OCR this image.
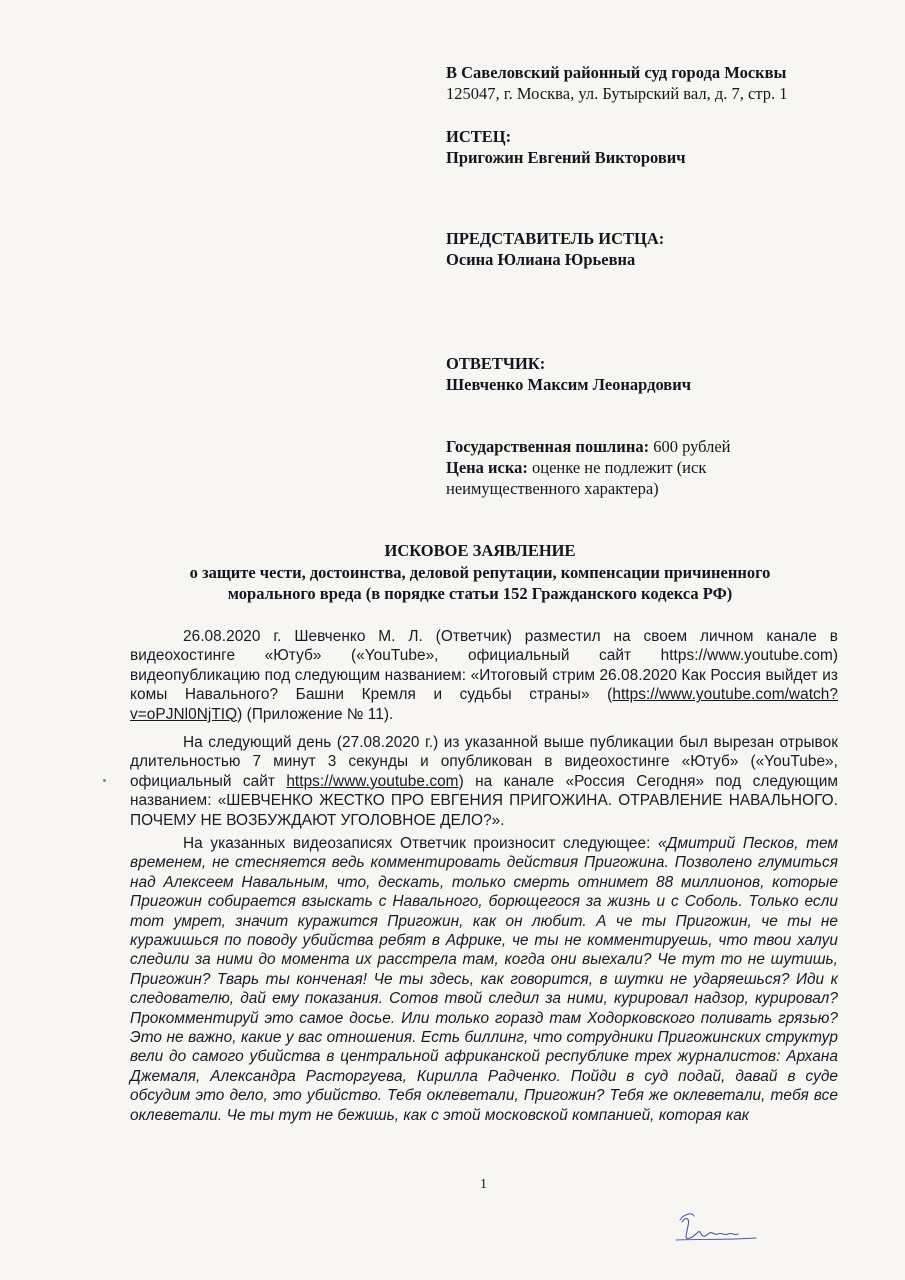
В Савеловский районный суд города Москвы
125047, г. Москва, ул. Бутырский вал, д. 7, стр. 1
ИСТЕЦ:
Пригожин Евгений Викторович
ПРЕДСТАВИТЕЛЬ ИСТЦА:
Осина Юлиана Юрьевна
ОТВЕТЧИК:
Шевченко Максим Леонардович
Государственная пошлина: 600 рублей
Цена иска: оценке не подлежит (иск неимущественного характера)
ИСКОВОЕ ЗАЯВЛЕНИЕ
о защите чести, достоинства, деловой репутации, компенсации причиненного морального вреда (в порядке статьи 152 Гражданского кодекса РФ)
26.08.2020 г. Шевченко М. Л. (Ответчик) разместил на своем личном канале в видеохостинге «Ютуб» («YouTube», официальный сайт https://www.youtube.com) видеопубликацию под следующим названием: «Итоговый стрим 26.08.2020 Как Россия выйдет из комы Навального? Башни Кремля и судьбы страны» (https://www.youtube.com/watch?v=oPJNl0NjTIQ) (Приложение № 11).
На следующий день (27.08.2020 г.) из указанной выше публикации был вырезан отрывок длительностью 7 минут 3 секунды и опубликован в видеохостинге «Ютуб» («YouTube», официальный сайт https://www.youtube.com) на канале «Россия Сегодня» под следующим названием: «ШЕВЧЕНКО ЖЕСТКО ПРО ЕВГЕНИЯ ПРИГОЖИНА. ОТРАВЛЕНИЕ НАВАЛЬНОГО. ПОЧЕМУ НЕ ВОЗБУЖДАЮТ УГОЛОВНОЕ ДЕЛО?».
На указанных видеозаписях Ответчик произносит следующее: «Дмитрий Песков, тем временем, не стесняется ведь комментировать действия Пригожина. Позволено глумиться над Алексеем Навальным, что, дескать, только смерть отнимет 88 миллионов, которые Пригожин собирается взыскать с Навального, борющегося за жизнь и с Соболь. Только если тот умрет, значит куражится Пригожин, как он любит. А че ты Пригожин, че ты не куражишься по поводу убийства ребят в Африке, че ты не комментируешь, что твои халуи следили за ними до момента их расстрела там, когда они выехали? Че тут то не шутишь, Пригожин? Тварь ты конченая! Че ты здесь, как говорится, в шутки не ударяешься? Иди к следователю, дай ему показания. Сотов твой следил за ними, курировал надзор, курировал? Прокомментируй это самое досье. Или только горазд там Ходорковского поливать грязью? Это не важно, какие у вас отношения. Есть биллинг, что сотрудники Пригожинских структур вели до самого убийства в центральной африканской республике трех журналистов: Архана Джемаля, Александра Расторгуева, Кирилла Радченко. Пойди в суд подай, давай в суде обсудим это дело, это убийство. Тебя оклеветали, Пригожин? Тебя же оклеветали, тебя все оклеветали. Че ты тут не бежишь, как с этой московской компанией, которая как
1
